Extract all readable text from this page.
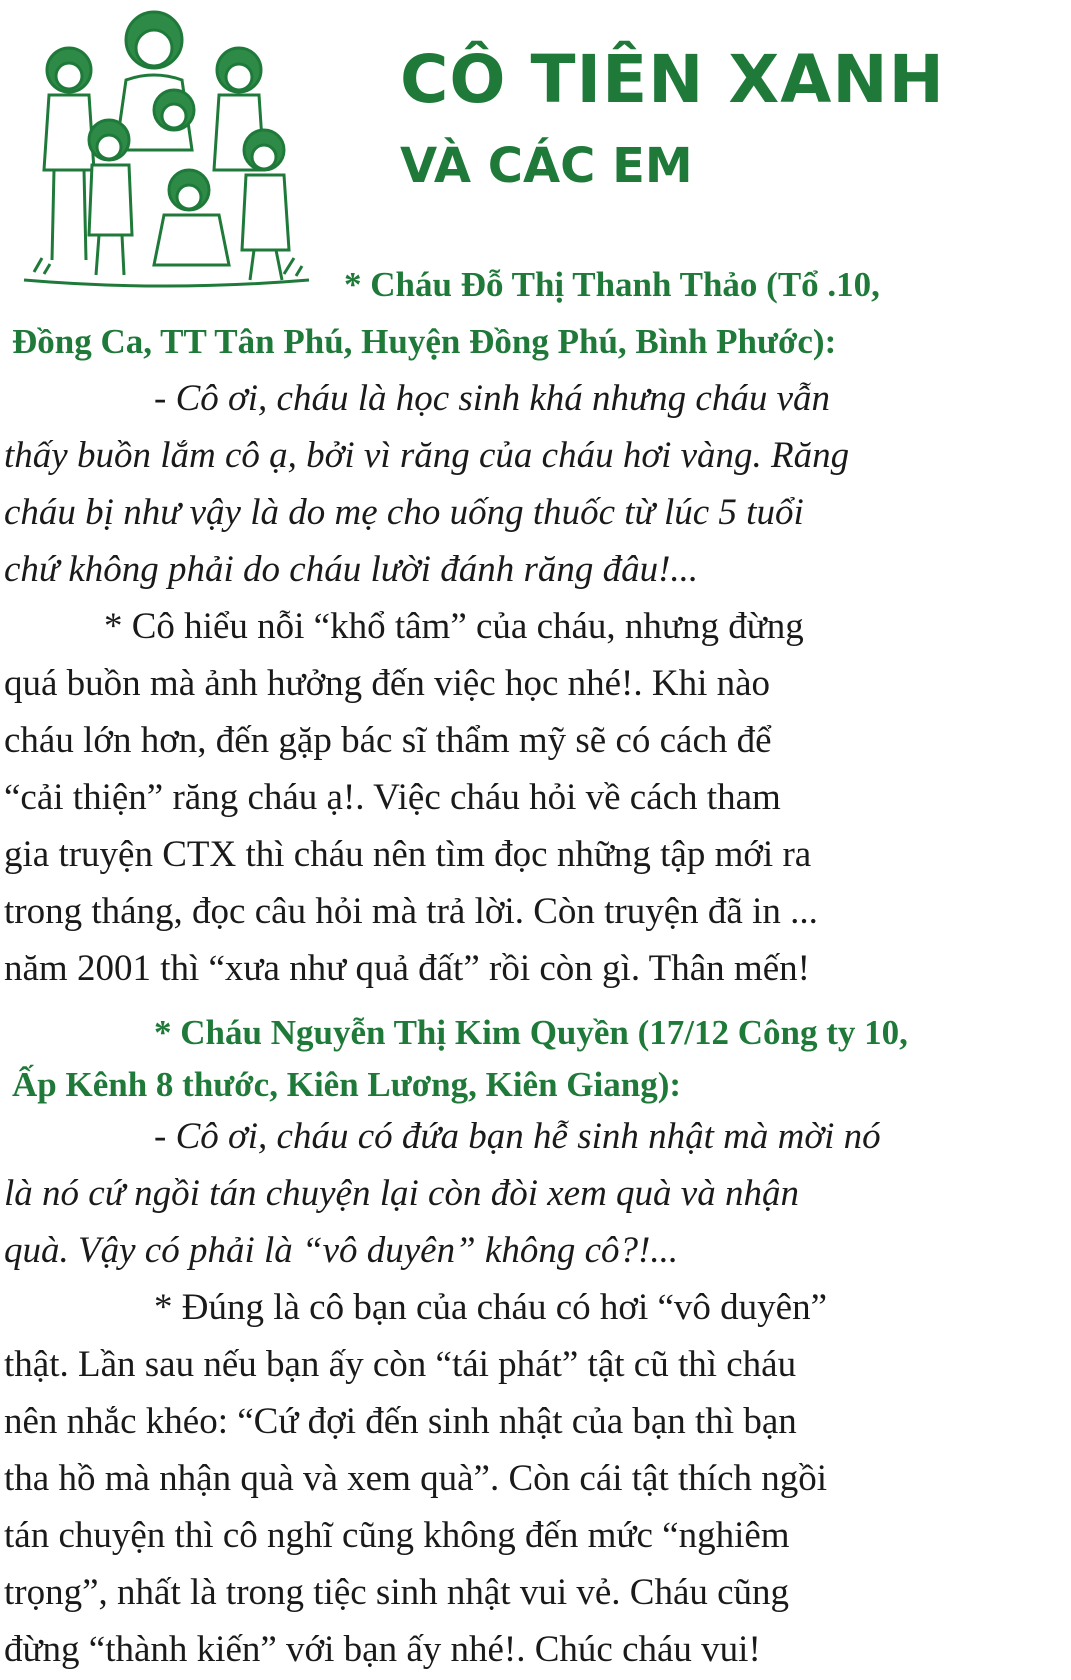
CÔ TIÊN XANH
VÀ CÁC EM
* Cháu Đỗ Thị Thanh Thảo (Tổ .10,
Đồng Ca, TT Tân Phú, Huyện Đồng Phú, Bình Phước):
- Cô ơi, cháu là học sinh khá nhưng cháu vẫn
thấy buồn lắm cô ạ, bởi vì răng của cháu hơi vàng. Răng
cháu bị như vậy là do mẹ cho uống thuốc từ lúc 5 tuổi
chứ không phải do cháu lười đánh răng đâu!...
* Cô hiểu nỗi “khổ tâm” của cháu, nhưng đừng
quá buồn mà ảnh hưởng đến việc học nhé!. Khi nào
cháu lớn hơn, đến gặp bác sĩ thẩm mỹ sẽ có cách để
“cải thiện” răng cháu ạ!. Việc cháu hỏi về cách tham
gia truyện CTX thì cháu nên tìm đọc những tập mới ra
trong tháng, đọc câu hỏi mà trả lời. Còn truyện đã in ...
năm 2001 thì “xưa như quả đất” rồi còn gì. Thân mến!
* Cháu Nguyễn Thị Kim Quyền (17/12 Công ty 10,
Ấp Kênh 8 thước, Kiên Lương, Kiên Giang):
- Cô ơi, cháu có đứa bạn hễ sinh nhật mà mời nó
là nó cứ ngồi tán chuyện lại còn đòi xem quà và nhận
quà. Vậy có phải là “vô duyên” không cô?!...
* Đúng là cô bạn của cháu có hơi “vô duyên”
thật. Lần sau nếu bạn ấy còn “tái phát” tật cũ thì cháu
nên nhắc khéo: “Cứ đợi đến sinh nhật của bạn thì bạn
tha hồ mà nhận quà và xem quà”. Còn cái tật thích ngồi
tán chuyện thì cô nghĩ cũng không đến mức “nghiêm
trọng”, nhất là trong tiệc sinh nhật vui vẻ. Cháu cũng
đừng “thành kiến” với bạn ấy nhé!. Chúc cháu vui!
